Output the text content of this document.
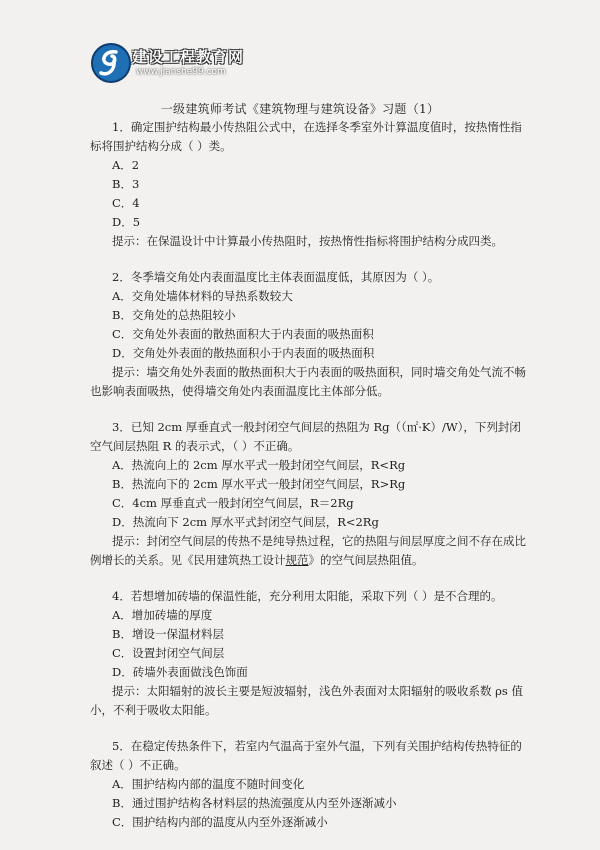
建设工程教育网
www.jianshe99.com
一级建筑师考试《建筑物理与建筑设备》习题（1）

1．确定围护结构最小传热阻公式中，在选择冬季室外计算温度值时，按热惰性指标将围护结构分成（ ）类。

A．2
B．3
C．4
D．5

提示：在保温设计中计算最小传热阻时，按热惰性指标将围护结构分成四类。

2．冬季墙交角处内表面温度比主体表面温度低，其原因为（ ）。

A．交角处墙体材料的导热系数较大
B．交角处的总热阻较小
C．交角处外表面的散热面积大于内表面的吸热面积
D．交角处外表面的散热面积小于内表面的吸热面积

提示：墙交角处外表面的散热面积大于内表面的吸热面积，同时墙交角处气流不畅也影响表面吸热，使得墙交角处内表面温度比主体部分低。

3．已知 2cm 厚垂直式一般封闭空气间层的热阻为 Rg（（㎡·K）/W），下列封闭空气间层热阻 R 的表示式，（ ）不正确。

A．热流向上的 2cm 厚水平式一般封闭空气间层，R<Rg
B．热流向下的 2cm 厚水平式一般封闭空气间层，R>Rg
C．4cm 厚垂直式一般封闭空气间层，R＝2Rg
D．热流向下 2cm 厚水平式封闭空气间层，R<2Rg

提示：封闭空气间层的传热不是纯导热过程，它的热阻与间层厚度之间不存在成比例增长的关系。见《民用建筑热工设计规范》的空气间层热阻值。

4．若想增加砖墙的保温性能，充分利用太阳能，采取下列（ ）是不合理的。

A．增加砖墙的厚度
B．增设一保温材料层
C．设置封闭空气间层
D．砖墙外表面做浅色饰面

提示：太阳辐射的波长主要是短波辐射，浅色外表面对太阳辐射的吸收系数 ρs 值小，不利于吸收太阳能。

5．在稳定传热条件下，若室内气温高于室外气温，下列有关围护结构传热特征的叙述（ ）不正确。

A．围护结构内部的温度不随时间变化
B．通过围护结构各材料层的热流强度从内至外逐渐减小
C．围护结构内部的温度从内至外逐渐减小
